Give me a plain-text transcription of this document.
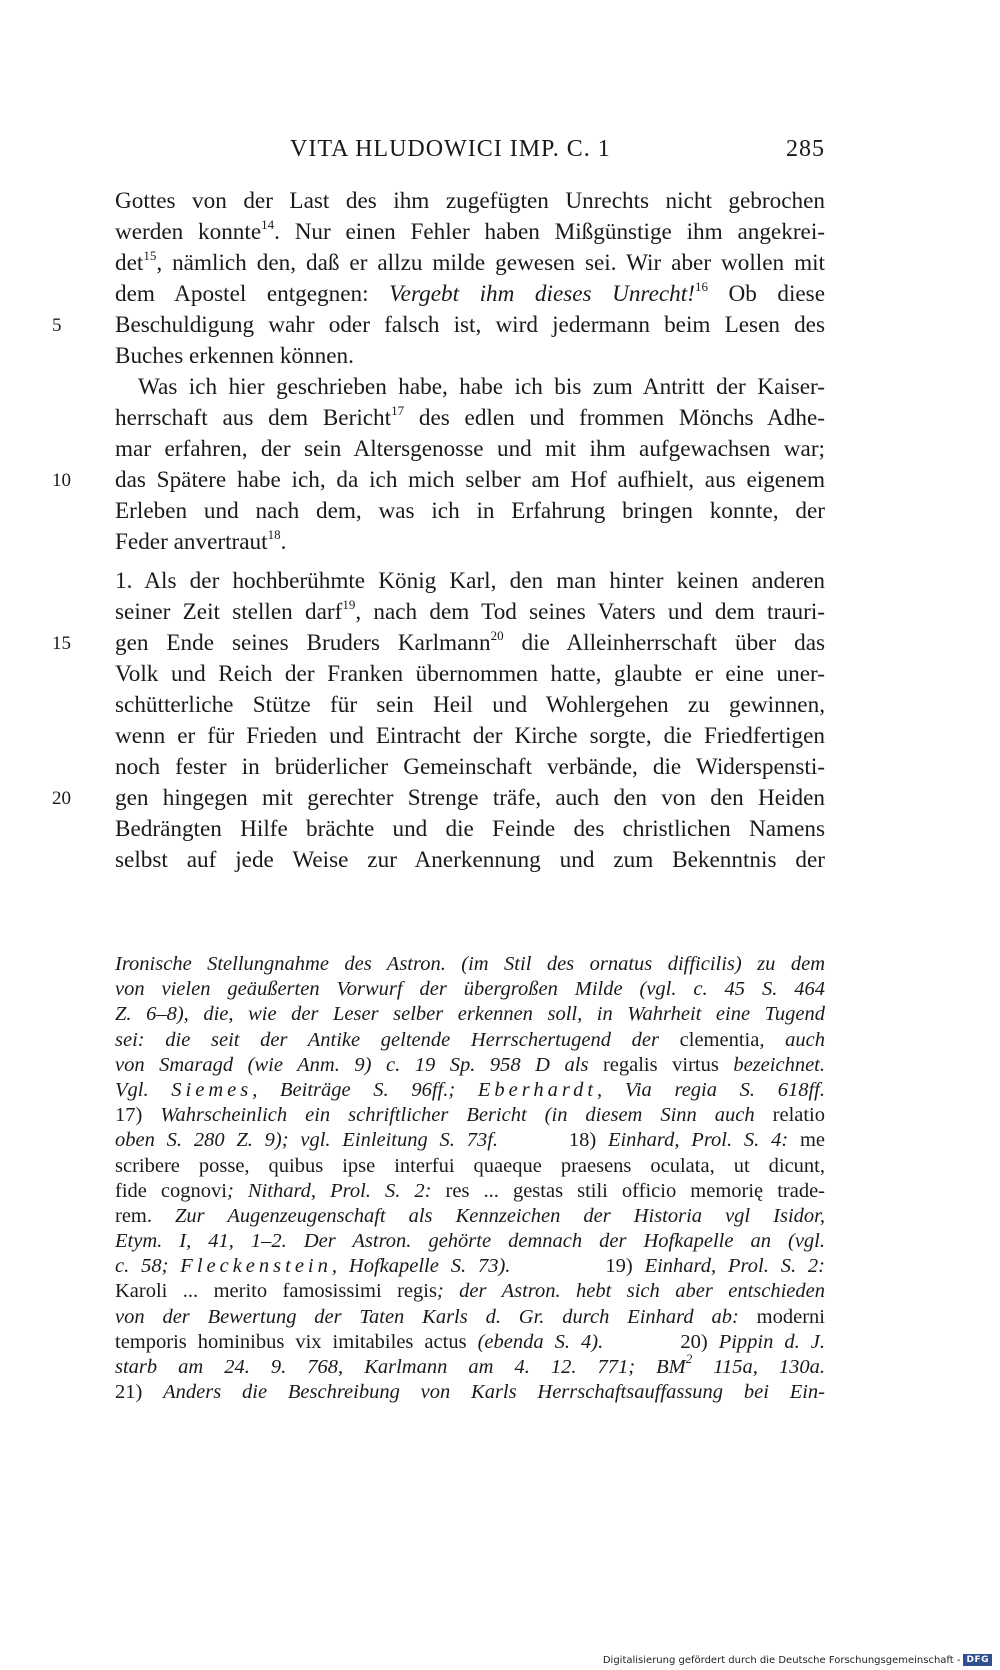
VITA HLUDOWICI IMP. C. 1	285
Gottes von der Last des ihm zugefügten Unrechts nicht gebrochen
werden konnte$^{14}$. Nur einen Fehler haben Mißgünstige ihm angekrei-
$\det^{15}$, nämlich den, daß er allzu milde gewesen sei. Wir aber wollen mit
dem Apostel entgegnen: Vergebt ihm dieses Unrecht!$^{16}$ Ob diese
5	Beschuldigung wahr oder falsch ist, wird jedermann beim Lesen des
Buches erkennen können.
Was ich hier geschrieben habe, habe ich bis zum Antritt der Kaiser-
herrschaft aus dem Bericht$^{17}$ des edlen und frommen Mönchs Adhe-
mar erfahren, der sein Altersgenosse und mit ihm aufgewachsen war;
10	das Spätere habe ich, da ich mich selber am Hof aufhielt, aus eigenem
Erleben und nach dem, was ich in Erfahrung bringen konnte, der
Feder anvertraut$^{18}$.
1. Als der hochberühmte König Karl, den man hinter keinen anderen
seiner Zeit stellen darf$^{19}$, nach dem Tod seines Vaters und dem trauri-
15	gen Ende seines Bruders Karlmann$^{20}$ die Alleinherrschaft über das
Volk und Reich der Franken übernommen hatte, glaubte er eine uner-
schütterliche Stütze für sein Heil und Wohlergehen zu gewinnen,
wenn er für Frieden und Eintracht der Kirche sorgte, die Friedfertigen
noch fester in brüderlicher Gemeinschaft verbände, die Widerspensti-
20	gen hingegen mit gerechter Strenge träfe, auch den von den Heiden
Bedrängten Hilfe brächte und die Feinde des christlichen Namens
selbst auf jede Weise zur Anerkennung und zum Bekenntnis der
Ironische Stellungnahme des Astron. (im Stil des ornatus difficilis) zu dem
von vielen geäußerten Vorwurf der übergroßen Milde (vgl. c. 45 S. 464
Z. 6–8), die, wie der Leser selber erkennen soll, in Wahrheit eine Tugend
sei: die seit der Antike geltende Herrschertugend der clementia, auch
von Smaragd (wie Anm. 9) c. 19 Sp. 958 D als regalis virtus bezeichnet.
Vgl. Siemes, Beiträge S. 96ff.; Eberhardt, Via regia S. 618ff.
17) Wahrscheinlich ein schriftlicher Bericht (in diesem Sinn auch relatio
oben S. 280 Z. 9); vgl. Einleitung S. 73f.	18) Einhard, Prol. S. 4: me
scribere posse, quibus ipse interfui quaeque praesens oculata, ut dicunt,
fide cognovi; Nithard, Prol. S. 2: res ... gestas stili officio memorię trade-
rem. Zur Augenzeugenschaft als Kennzeichen der Historia vgl Isidor,
Etym. I, 41, 1–2. Der Astron. gehörte demnach der Hofkapelle an (vgl.
c. 58; Fleckenstein, Hofkapelle S. 73).	19) Einhard, Prol. S. 2:
Karoli ... merito famosissimi regis; der Astron. hebt sich aber entschieden
von der Bewertung der Taten Karls d. Gr. durch Einhard ab: moderni
temporis hominibus vix imitabiles actus (ebenda S. 4).	20) Pippin d. J.
starb am 24. 9. 768, Karlmann am 4. 12. 771; $BM^2$ 115a, 130a.
21) Anders die Beschreibung von Karls Herrschaftsauffassung bei Ein-
Digitalisierung gefördert durch die Deutsche Forschungsgemeinschaft - DFG
